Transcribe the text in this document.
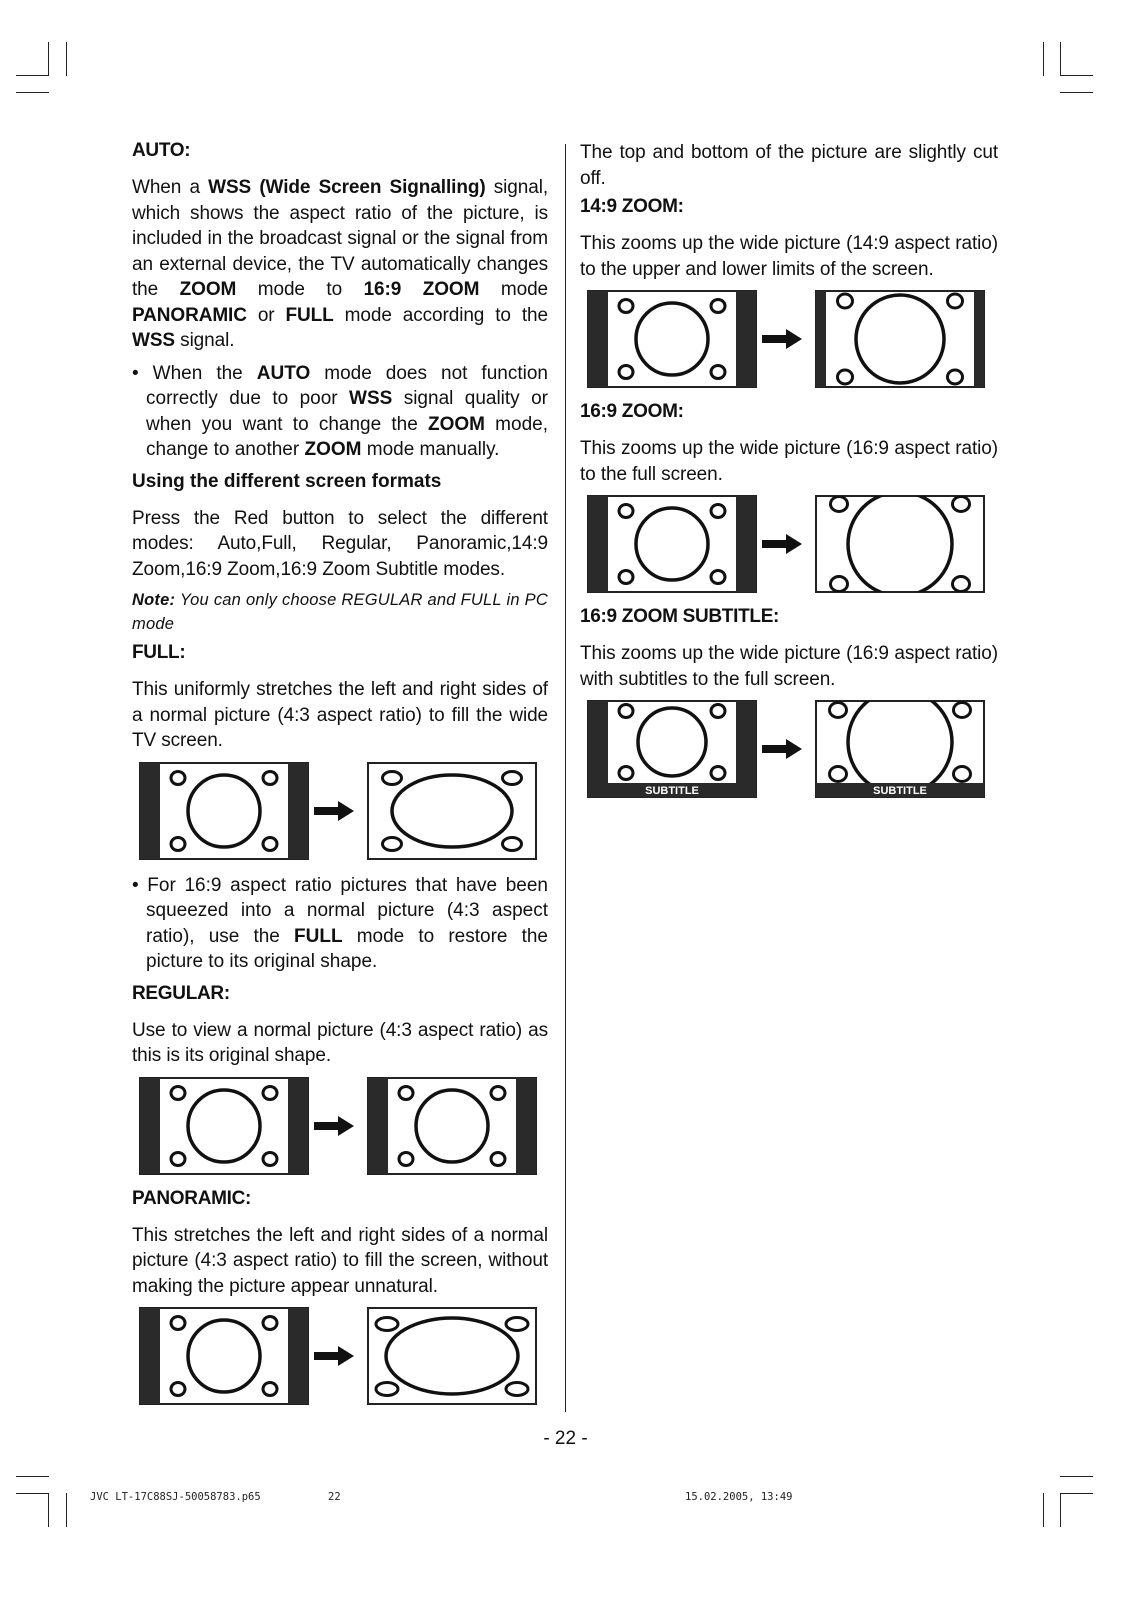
AUTO:
When a WSS (Wide Screen Signalling) signal, which shows the aspect ratio of the picture, is included in the broadcast signal or the signal from an external device, the TV automatically changes the ZOOM mode to 16:9 ZOOM mode PANORAMIC or FULL mode according to the WSS signal.
• When the AUTO mode does not function correctly due to poor WSS signal quality or when you want to change the ZOOM mode, change to another ZOOM mode manually.
Using the different screen formats
Press the Red button to select the different modes: Auto,Full, Regular, Panoramic,14:9 Zoom,16:9 Zoom,16:9 Zoom Subtitle modes.
Note: You can only choose REGULAR and FULL in PC mode
FULL:
This uniformly stretches the left and right sides of a normal picture (4:3 aspect ratio) to fill the wide TV screen.
• For 16:9 aspect ratio pictures that have been squeezed into a normal picture (4:3 aspect ratio), use the FULL mode to restore the picture to its original shape.
REGULAR:
Use to view a normal picture (4:3 aspect ratio) as this is its original shape.
PANORAMIC:
This stretches the left and right sides of a normal picture (4:3 aspect ratio) to fill the screen, without making the picture appear unnatural.
The top and bottom of the picture are slightly cut off.
14:9 ZOOM:
This zooms up the wide picture (14:9 aspect ratio) to the upper and lower limits of the screen.
16:9 ZOOM:
This zooms up the wide picture (16:9 aspect ratio) to the full screen.
16:9 ZOOM SUBTITLE:
This zooms up the wide picture (16:9 aspect ratio) with subtitles to the full screen.
SUBTITLE	SUBTITLE
- 22 -
JVC LT-17C88SJ-50058783.p65	22	15.02.2005, 13:49
